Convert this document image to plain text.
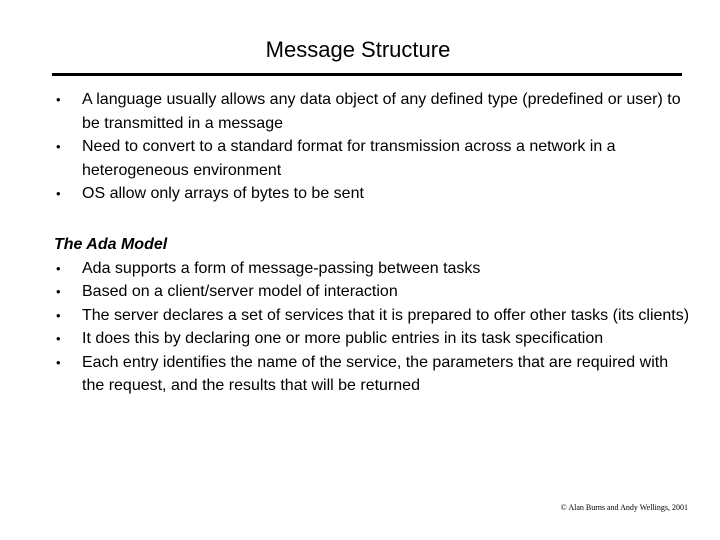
Message Structure
• A language usually allows any data object of any defined type (predefined or user) to be transmitted in a message
• Need to convert to a standard format for transmission across a network in a heterogeneous environment
• OS allow only arrays of bytes to be sent
The Ada Model
• Ada supports a form of message-passing between tasks
• Based on a client/server model of interaction
• The server declares a set of services that it is prepared to offer other tasks (its clients)
• It does this by declaring one or more public entries in its task specification
• Each entry identifies the name of the service, the parameters that are required with the request, and the results that will be returned
© Alan Burns and Andy Wellings, 2001
